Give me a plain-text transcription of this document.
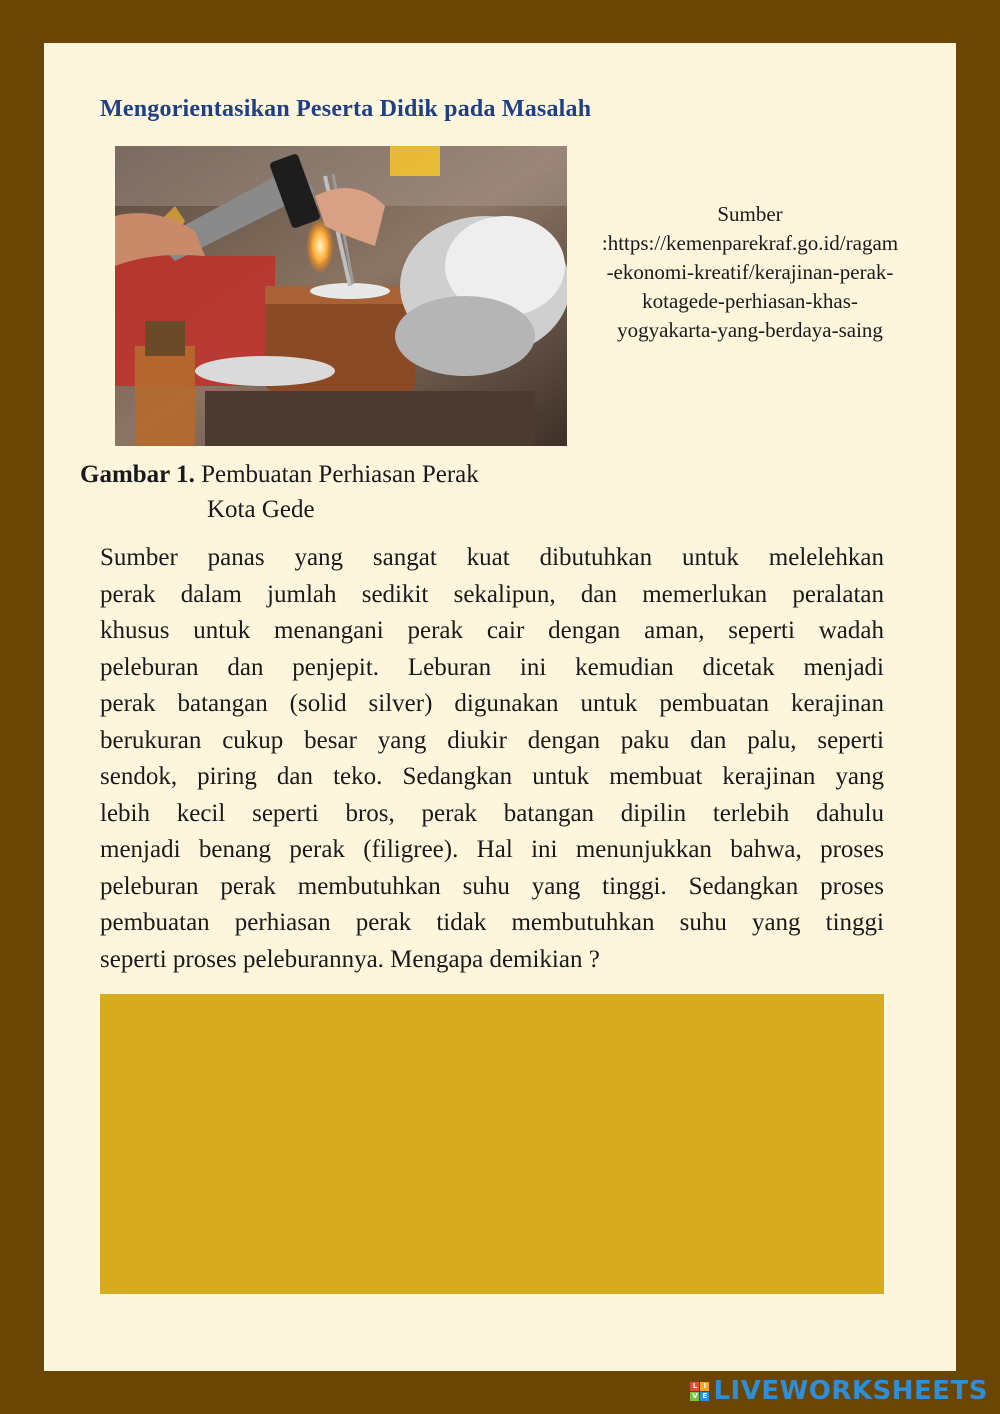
Mengorientasikan Peserta Didik pada Masalah
Sumber
:https://kemenparekraf.go.id/ragam
-ekonomi-kreatif/kerajinan-perak-
kotagede-perhiasan-khas-
yogyakarta-yang-berdaya-saing
Gambar 1. Pembuatan Perhiasan Perak
Kota Gede
Sumber panas yang sangat kuat dibutuhkan untuk melelehkan
perak dalam jumlah sedikit sekalipun, dan memerlukan peralatan
khusus untuk menangani perak cair dengan aman, seperti wadah
peleburan dan penjepit. Leburan ini kemudian dicetak menjadi
perak batangan (solid silver) digunakan untuk pembuatan kerajinan
berukuran cukup besar yang diukir dengan paku dan palu, seperti
sendok, piring dan teko. Sedangkan untuk membuat kerajinan yang
lebih kecil seperti bros, perak batangan dipilin terlebih dahulu
menjadi benang perak (filigree). Hal ini menunjukkan bahwa, proses
peleburan perak membutuhkan suhu yang tinggi. Sedangkan proses
pembuatan perhiasan perak tidak membutuhkan suhu yang tinggi
seperti proses peleburannya. Mengapa demikian ?
L I
V E LIVEWORKSHEETS
